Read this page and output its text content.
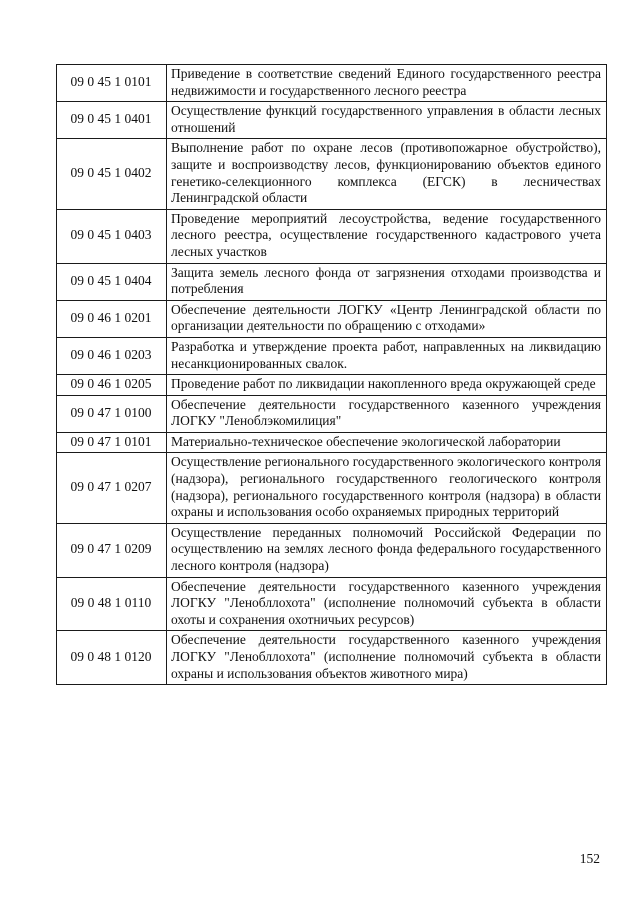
09 0 45 1 0101	Приведение в соответствие сведений Единого государственного реестра недвижимости и государственного лесного реестра
09 0 45 1 0401	Осуществление функций государственного управления в области лесных отношений
09 0 45 1 0402	Выполнение работ по охране лесов (противопожарное обустройство), защите и воспроизводству лесов, функционированию объектов единого генетико-селекционного комплекса (ЕГСК) в лесничествах Ленинградской области
09 0 45 1 0403	Проведение мероприятий лесоустройства, ведение государственного лесного реестра, осуществление государственного кадастрового учета лесных участков
09 0 45 1 0404	Защита земель лесного фонда от загрязнения отходами производства и потребления
09 0 46 1 0201	Обеспечение деятельности ЛОГКУ «Центр Ленинградской области по организации деятельности по обращению с отходами»
09 0 46 1 0203	Разработка и утверждение проекта работ, направленных на ликвидацию несанкционированных свалок.
09 0 46 1 0205	Проведение работ по ликвидации накопленного вреда окружающей среде
09 0 47 1 0100	Обеспечение деятельности государственного казенного учреждения ЛОГКУ "Леноблэкомилиция"
09 0 47 1 0101	Материально-техническое обеспечение экологической лаборатории
09 0 47 1 0207	Осуществление регионального государственного экологического контроля (надзора), регионального государственного геологического контроля (надзора), регионального государственного контроля (надзора) в области охраны и использования особо охраняемых природных территорий
09 0 47 1 0209	Осуществление переданных полномочий Российской Федерации по осуществлению на землях лесного фонда федерального государственного лесного контроля (надзора)
09 0 48 1 0110	Обеспечение деятельности государственного казенного учреждения ЛОГКУ "Ленобллохота" (исполнение полномочий субъекта в области охоты и сохранения охотничьих ресурсов)
09 0 48 1 0120	Обеспечение деятельности государственного казенного учреждения ЛОГКУ "Ленобллохота" (исполнение полномочий субъекта в области охраны и использования объектов животного мира)
152
